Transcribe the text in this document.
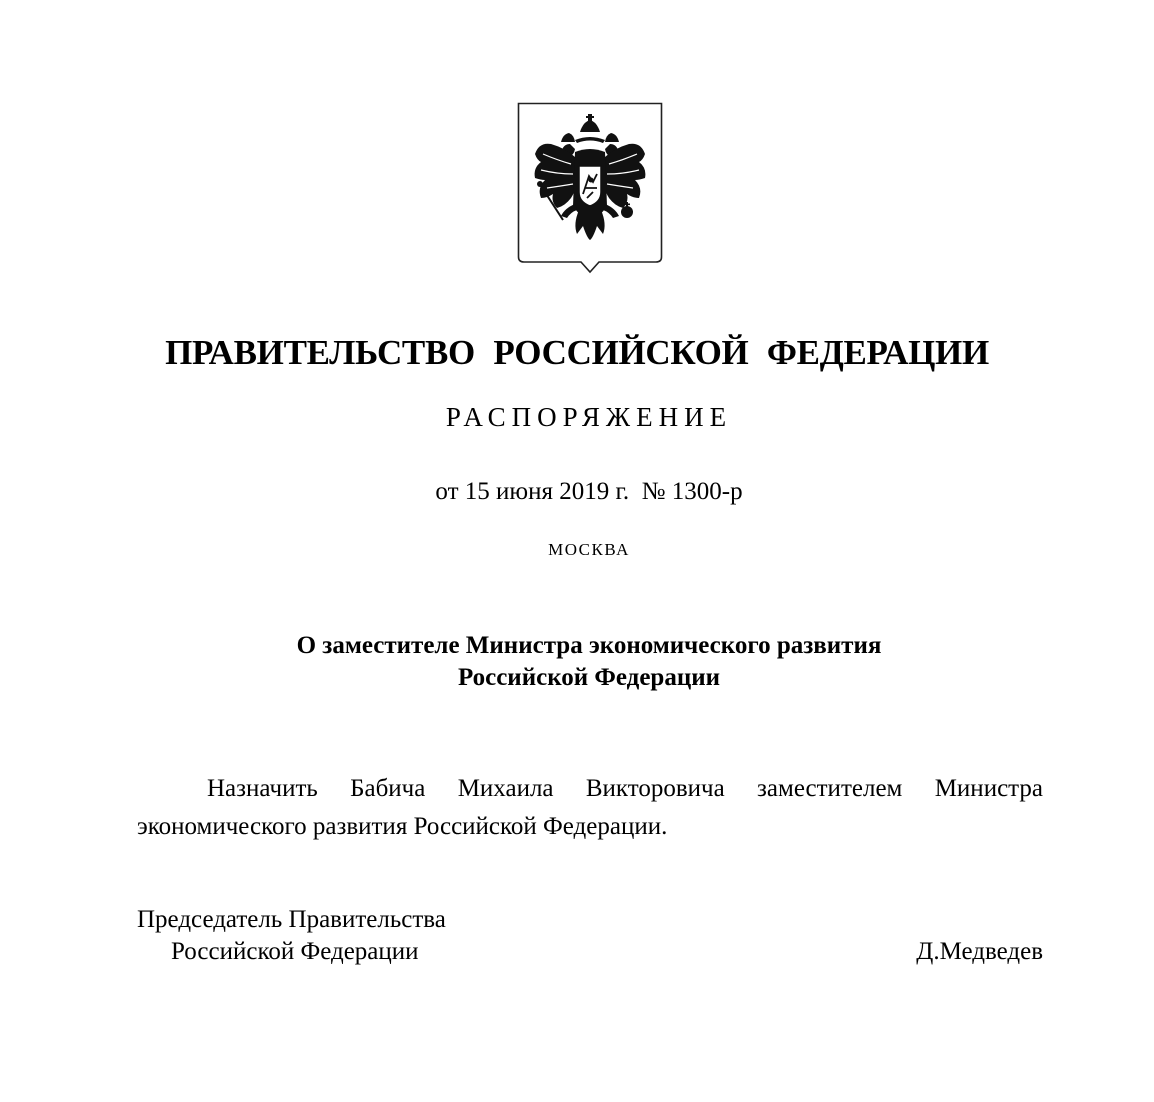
ПРАВИТЕЛЬСТВО РОССИЙСКОЙ ФЕДЕРАЦИИ
РАСПОРЯЖЕНИЕ
от 15 июня 2019 г.  № 1300-р
МОСКВА
О заместителе Министра экономического развития
Российской Федерации
Назначить Бабича Михаила Викторовича заместителем Министра экономического развития Российской Федерации.
Председатель Правительства
Российской Федерации	Д.Медведев
